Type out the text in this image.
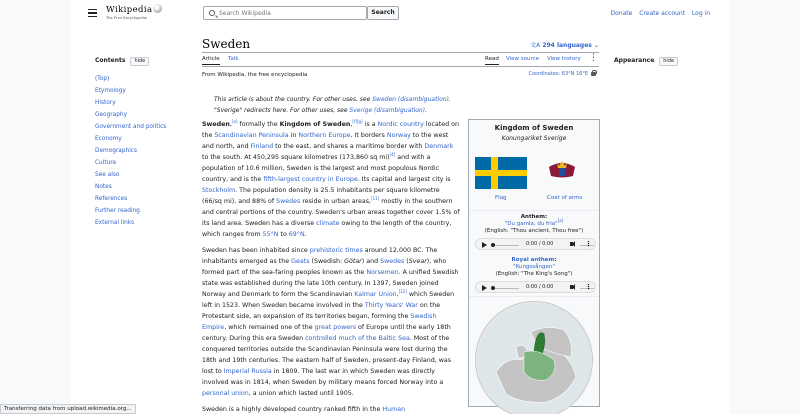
Wikipedia
The Free Encyclopedia
Search Wikipedia
Search	Donate Create account Log in
Contents hide
(Top)
Etymology
History
Geography
Government and politics
Economy
Demographics
Culture
See also
Notes
References
Further reading
External links
Appearance hide
Sweden	文A 294 languages ⌄
Article Talk	Read View source View history ⋮
From Wikipedia, the free encyclopedia	Coordinates: 63°N 16°E
This article is about the country. For other uses, see Sweden (disambiguation).
"Sverige" redirects here. For other uses, see Sverige (disambiguation).

Sweden,[e] formally the Kingdom of Sweden,[f][g] is a Nordic country located on the Scandinavian Peninsula in Northern Europe. It borders Norway to the west and north, and Finland to the east, and shares a maritime border with Denmark to the south. At 450,295 square kilometres (173,860 sq mi)[4] and with a population of 10.6 million, Sweden is the largest and most populous Nordic country, and is the fifth-largest country in Europe. Its capital and largest city is Stockholm. The population density is 25.5 inhabitants per square kilometre (66/sq mi), and 88% of Swedes reside in urban areas,[11] mostly in the southern and central portions of the country. Sweden's urban areas together cover 1.5% of its land area. Sweden has a diverse climate owing to the length of the country, which ranges from 55°N to 69°N.

Sweden has been inhabited since prehistoric times around 12,000 BC. The inhabitants emerged as the Geats (Swedish: Götar) and Swedes (Svear), who formed part of the sea-faring peoples known as the Norsemen. A unified Swedish state was established during the late 10th century. In 1397, Sweden joined Norway and Denmark to form the Scandinavian Kalmar Union,[12] which Sweden left in 1523. When Sweden became involved in the Thirty Years' War on the Protestant side, an expansion of its territories began, forming the Swedish Empire, which remained one of the great powers of Europe until the early 18th century. During this era Sweden controlled much of the Baltic Sea. Most of the conquered territories outside the Scandinavian Peninsula were lost during the 18th and 19th centuries. The eastern half of Sweden, present-day Finland, was lost to Imperial Russia in 1809. The last war in which Sweden was directly involved was in 1814, when Sweden by military means forced Norway into a personal union, a union which lasted until 1905.

Sweden is a highly developed country ranked fifth in the Human

Kingdom of Sweden
Konungariket Sverige
Flag	Coat of arms
Anthem:
"Du gamla, du fria"[a]
(English: "Thou ancient, Thou free")
0:00 / 0:00	⋮
Royal anthem:
"Kungssången"
(English: "The King's Song")
0:00 / 0:00	⋮
Transferring data from upload.wikimedia.org...
